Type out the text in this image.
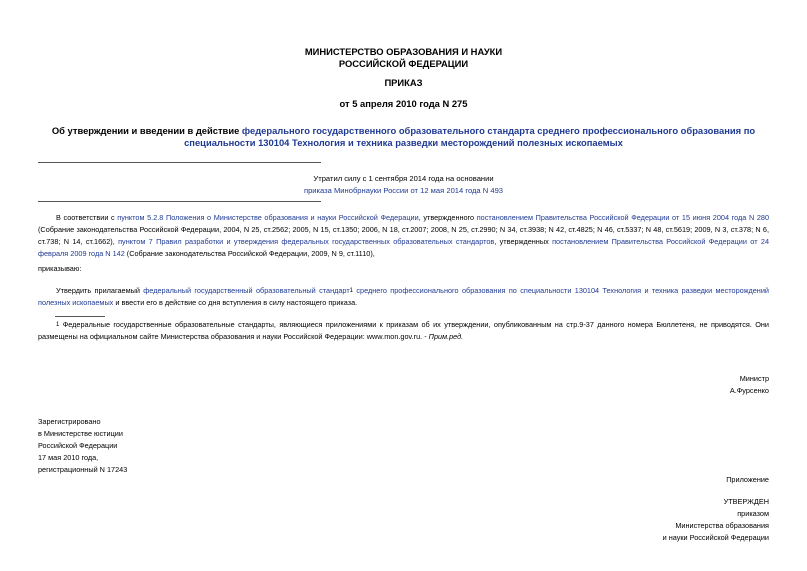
МИНИСТЕРСТВО ОБРАЗОВАНИЯ И НАУКИ
РОССИЙСКОЙ ФЕДЕРАЦИИ
ПРИКАЗ
от 5 апреля 2010 года N 275
Об утверждении и введении в действие федерального государственного образовательного стандарта среднего профессионального образования по
специальности 130104 Технология и техника разведки месторождений полезных ископаемых
Утратил силу с 1 сентября 2014 года на основании
приказа Минобрнауки России от 12 мая 2014 года N 493
В соответствии с пунктом 5.2.8 Положения о Министерстве образования и науки Российской Федерации, утвержденного постановлением Правительства Российской Федерации от 15 июня 2004 года N 280 (Собрание законодательства Российской Федерации, 2004, N 25, ст.2562; 2005, N 15, ст.1350; 2006, N 18, ст.2007; 2008, N 25, ст.2990; N 34, ст.3938; N 42, ст.4825; N 46, ст.5337; N 48, ст.5619; 2009, N 3, ст.378; N 6, ст.738; N 14, ст.1662), пунктом 7 Правил разработки и утверждения федеральных государственных образовательных стандартов, утвержденных постановлением Правительства Российской Федерации от 24 февраля 2009 года N 142 (Собрание законодательства Российской Федерации, 2009, N 9, ст.1110),
приказываю:
Утвердить прилагаемый федеральный государственный образовательный стандарт$^1$ среднего профессионального образования по специальности 130104 Технология и техника разведки месторождений полезных ископаемых и ввести его в действие со дня вступления в силу настоящего приказа.
$^1$ Федеральные государственные образовательные стандарты, являющиеся приложениями к приказам об их утверждении, опубликованным на стр.9-37 данного номера Бюллетеня, не приводятся. Они размещены на официальном сайте Министерства образования и науки Российской Федерации: www.mon.gov.ru. - Прим.ред.
Министр
А.Фурсенко
Зарегистрировано
в Министерстве юстиции
Российской Федерации
17 мая 2010 года,
регистрационный N 17243
Приложение
УТВЕРЖДЕН
приказом
Министерства образования
и науки Российской Федерации
